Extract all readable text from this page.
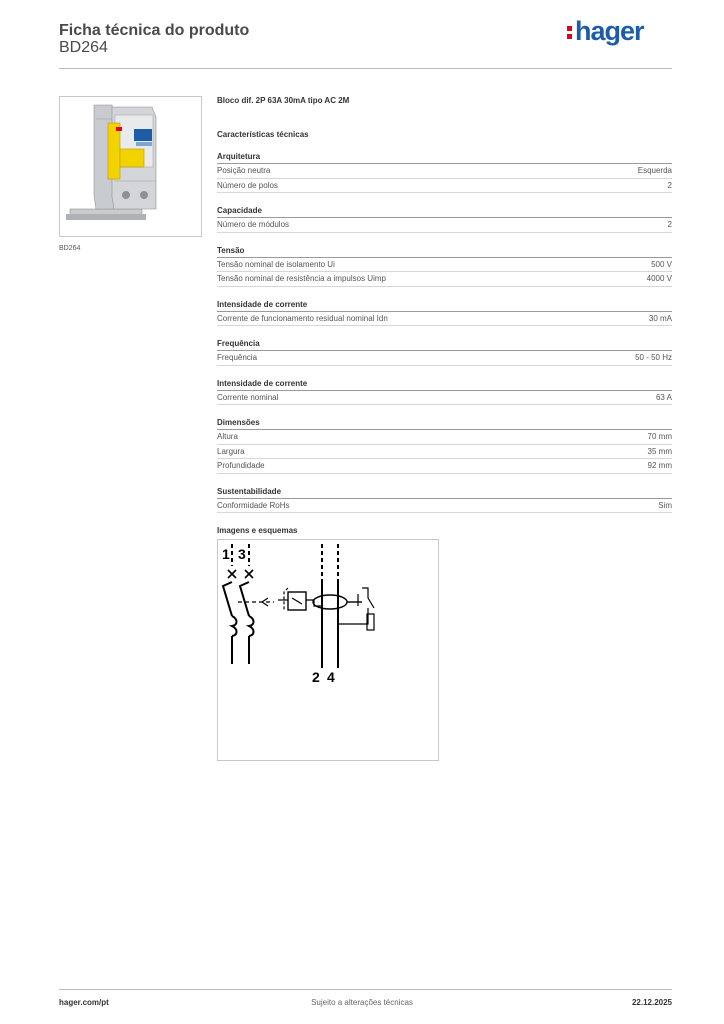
Ficha técnica do produto
BD264
hager
BD264
Bloco dif. 2P 63A 30mA tipo AC 2M
Características técnicas
Arquitetura
Posição neutra	Esquerda
Número de polos	2
Capacidade
Número de módulos	2
Tensão
Tensão nominal de isolamento Ui	500 V
Tensão nominal de resistência a impulsos Uimp	4000 V
Intensidade de corrente
Corrente de funcionamento residual nominal Idn	30 mA
Frequência
Frequência	50 - 50 Hz
Intensidade de corrente
Corrente nominal	63 A
Dimensões
Altura	70 mm
Largura	35 mm
Profundidade	92 mm
Sustentabilidade
Conformidade RoHs	Sim
Imagens e esquemas
1 3
2 4
hager.com/pt	Sujeito a alterações técnicas	22.12.2025
